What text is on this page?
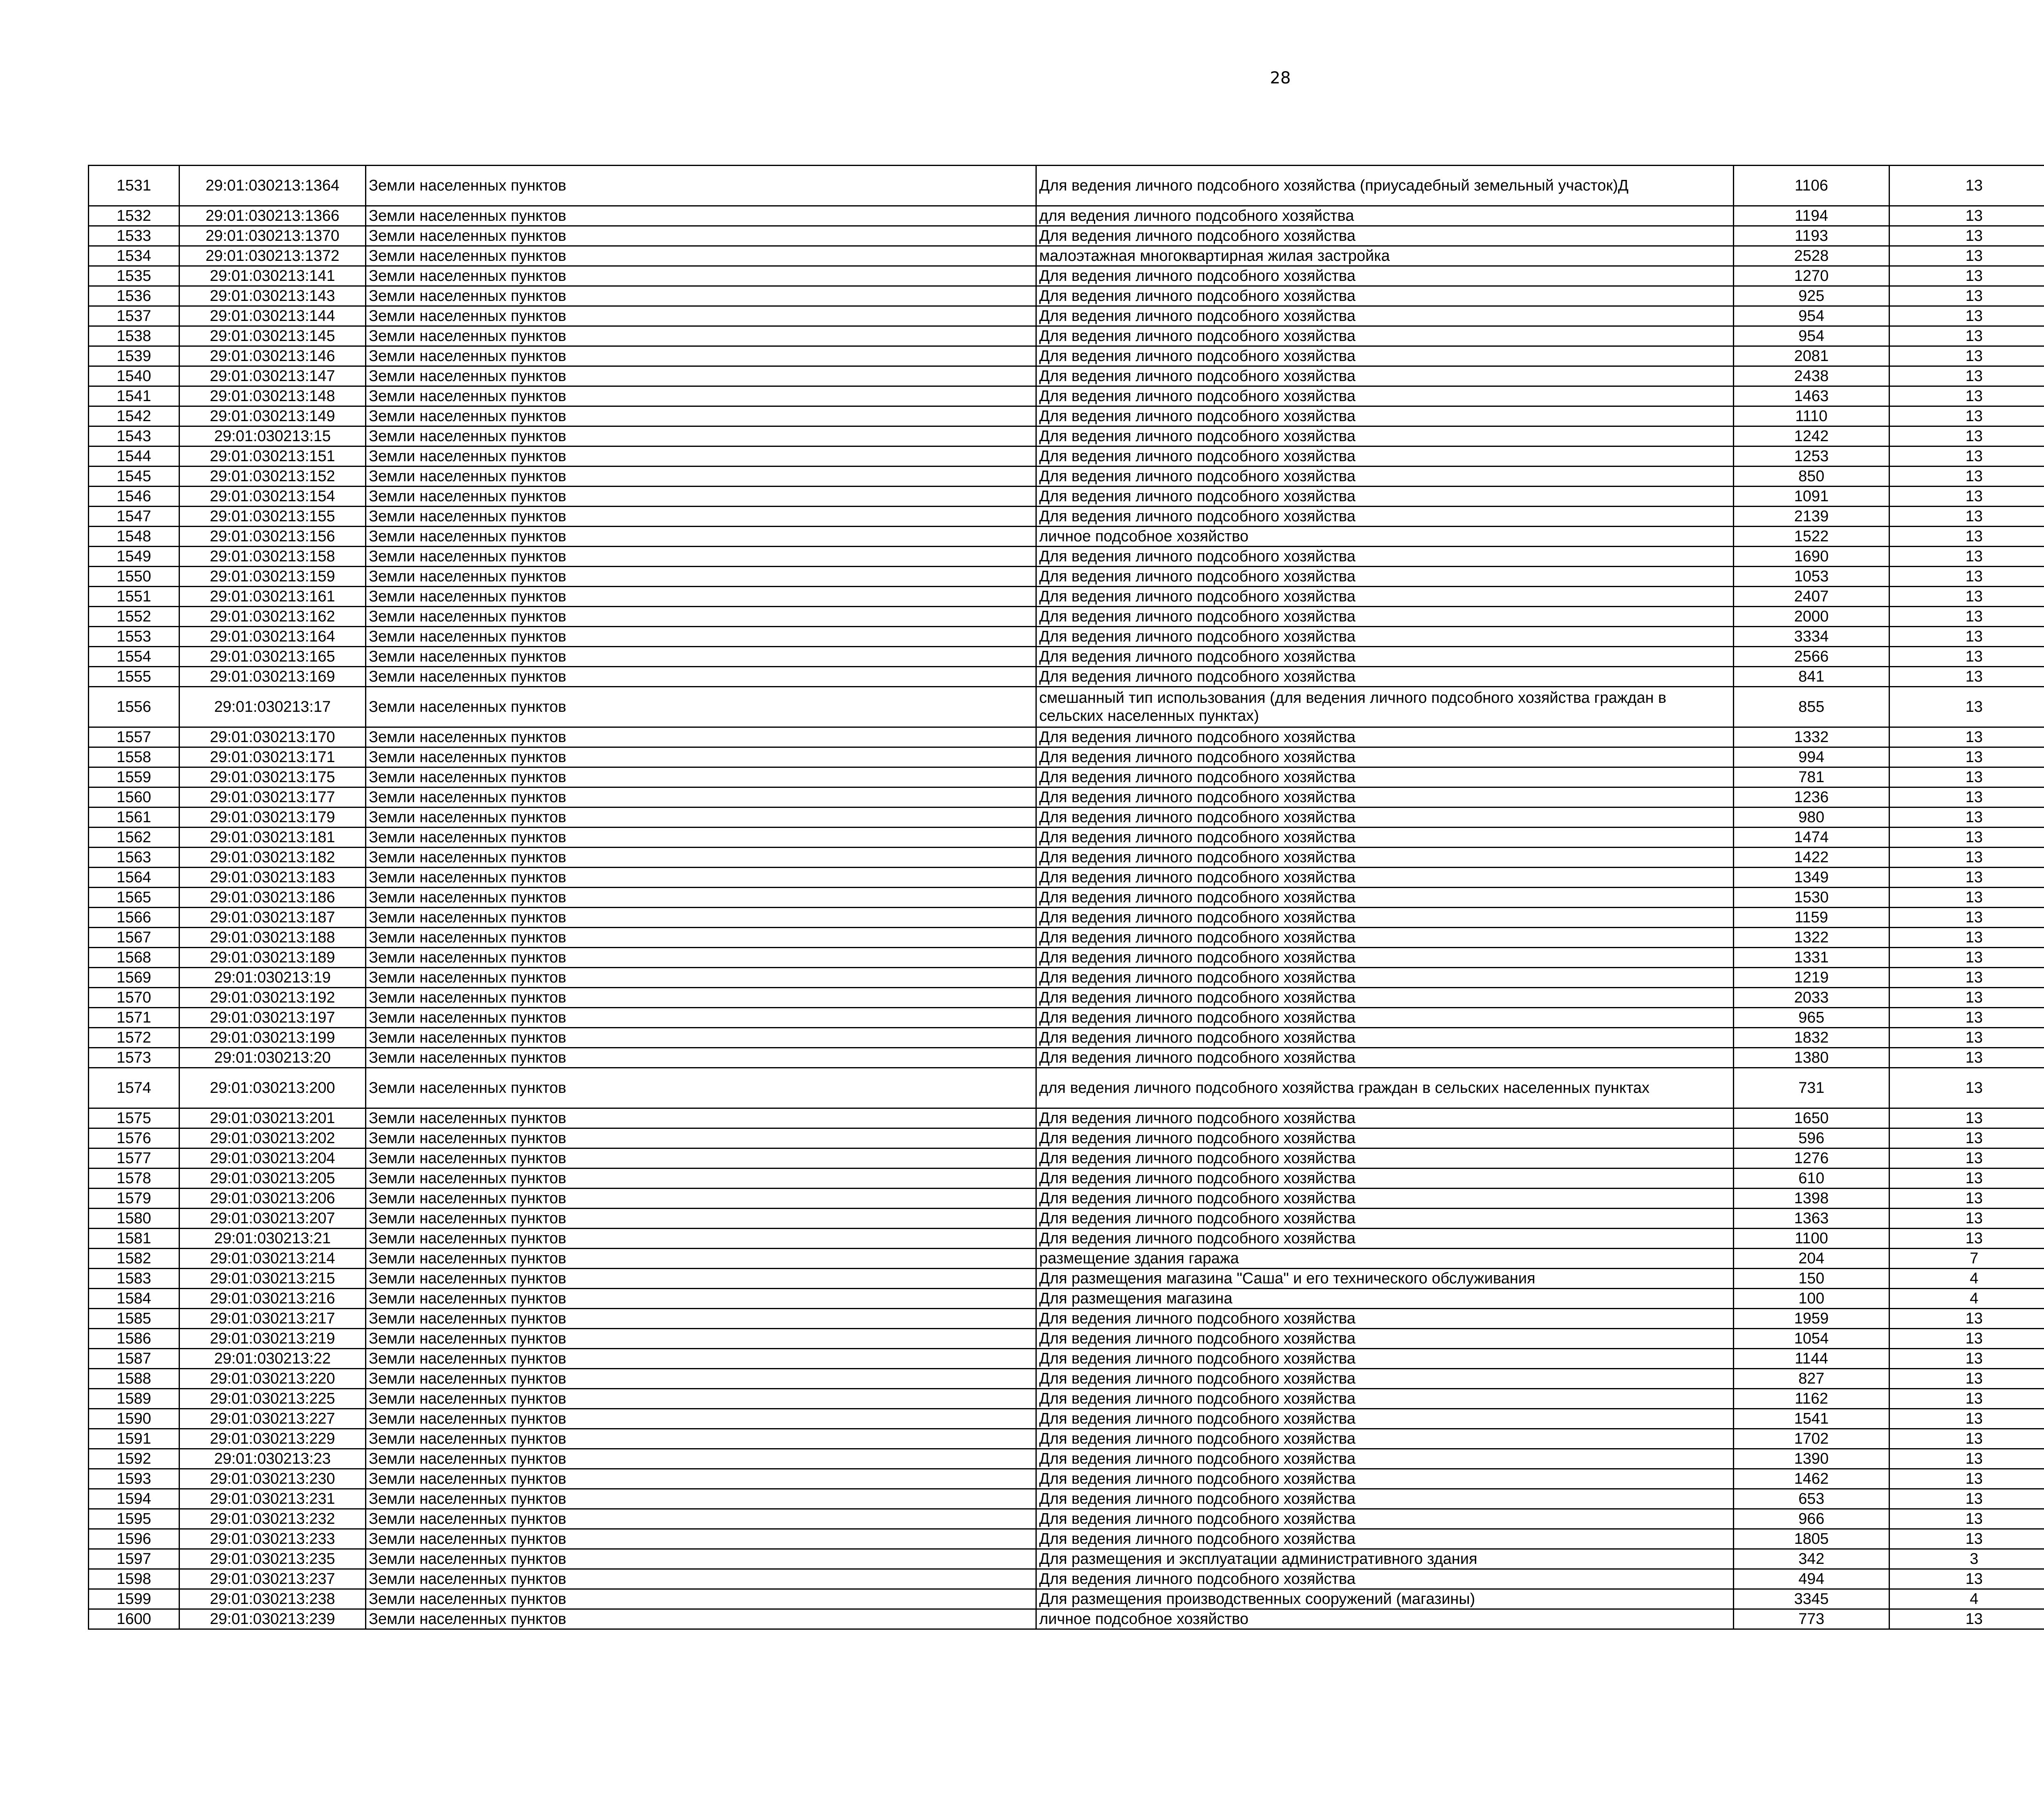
28
1531	29:01:030213:1364	Земли населенных пунктов	Для ведения личного подсобного хозяйства (приусадебный земельный участок)Д	1106	13		
1532	29:01:030213:1366	Земли населенных пунктов	для ведения личного подсобного хозяйства	1194	13		
1533	29:01:030213:1370	Земли населенных пунктов	Для ведения личного подсобного хозяйства	1193	13		
1534	29:01:030213:1372	Земли населенных пунктов	малоэтажная многоквартирная жилая застройка	2528	13		
1535	29:01:030213:141	Земли населенных пунктов	Для ведения личного подсобного хозяйства	1270	13		
1536	29:01:030213:143	Земли населенных пунктов	Для ведения личного подсобного хозяйства	925	13		
1537	29:01:030213:144	Земли населенных пунктов	Для ведения личного подсобного хозяйства	954	13		
1538	29:01:030213:145	Земли населенных пунктов	Для ведения личного подсобного хозяйства	954	13		
1539	29:01:030213:146	Земли населенных пунктов	Для ведения личного подсобного хозяйства	2081	13		
1540	29:01:030213:147	Земли населенных пунктов	Для ведения личного подсобного хозяйства	2438	13		
1541	29:01:030213:148	Земли населенных пунктов	Для ведения личного подсобного хозяйства	1463	13		
1542	29:01:030213:149	Земли населенных пунктов	Для ведения личного подсобного хозяйства	1110	13		
1543	29:01:030213:15	Земли населенных пунктов	Для ведения личного подсобного хозяйства	1242	13		
1544	29:01:030213:151	Земли населенных пунктов	Для ведения личного подсобного хозяйства	1253	13		
1545	29:01:030213:152	Земли населенных пунктов	Для ведения личного подсобного хозяйства	850	13		
1546	29:01:030213:154	Земли населенных пунктов	Для ведения личного подсобного хозяйства	1091	13		
1547	29:01:030213:155	Земли населенных пунктов	Для ведения личного подсобного хозяйства	2139	13		
1548	29:01:030213:156	Земли населенных пунктов	личное подсобное хозяйство	1522	13		
1549	29:01:030213:158	Земли населенных пунктов	Для ведения личного подсобного хозяйства	1690	13		
1550	29:01:030213:159	Земли населенных пунктов	Для ведения личного подсобного хозяйства	1053	13		
1551	29:01:030213:161	Земли населенных пунктов	Для ведения личного подсобного хозяйства	2407	13		
1552	29:01:030213:162	Земли населенных пунктов	Для ведения личного подсобного хозяйства	2000	13		
1553	29:01:030213:164	Земли населенных пунктов	Для ведения личного подсобного хозяйства	3334	13		
1554	29:01:030213:165	Земли населенных пунктов	Для ведения личного подсобного хозяйства	2566	13		
1555	29:01:030213:169	Земли населенных пунктов	Для ведения личного подсобного хозяйства	841	13		
1556	29:01:030213:17	Земли населенных пунктов	смешанный тип использования (для ведения личного подсобного хозяйства граждан в сельских населенных пунктах)	855	13		
1557	29:01:030213:170	Земли населенных пунктов	Для ведения личного подсобного хозяйства	1332	13		
1558	29:01:030213:171	Земли населенных пунктов	Для ведения личного подсобного хозяйства	994	13		
1559	29:01:030213:175	Земли населенных пунктов	Для ведения личного подсобного хозяйства	781	13		
1560	29:01:030213:177	Земли населенных пунктов	Для ведения личного подсобного хозяйства	1236	13		
1561	29:01:030213:179	Земли населенных пунктов	Для ведения личного подсобного хозяйства	980	13		
1562	29:01:030213:181	Земли населенных пунктов	Для ведения личного подсобного хозяйства	1474	13		
1563	29:01:030213:182	Земли населенных пунктов	Для ведения личного подсобного хозяйства	1422	13		
1564	29:01:030213:183	Земли населенных пунктов	Для ведения личного подсобного хозяйства	1349	13		
1565	29:01:030213:186	Земли населенных пунктов	Для ведения личного подсобного хозяйства	1530	13		
1566	29:01:030213:187	Земли населенных пунктов	Для ведения личного подсобного хозяйства	1159	13		
1567	29:01:030213:188	Земли населенных пунктов	Для ведения личного подсобного хозяйства	1322	13		
1568	29:01:030213:189	Земли населенных пунктов	Для ведения личного подсобного хозяйства	1331	13		
1569	29:01:030213:19	Земли населенных пунктов	Для ведения личного подсобного хозяйства	1219	13		
1570	29:01:030213:192	Земли населенных пунктов	Для ведения личного подсобного хозяйства	2033	13		
1571	29:01:030213:197	Земли населенных пунктов	Для ведения личного подсобного хозяйства	965	13		
1572	29:01:030213:199	Земли населенных пунктов	Для ведения личного подсобного хозяйства	1832	13		
1573	29:01:030213:20	Земли населенных пунктов	Для ведения личного подсобного хозяйства	1380	13		
1574	29:01:030213:200	Земли населенных пунктов	для ведения личного подсобного хозяйства граждан в сельских населенных пунктах	731	13		
1575	29:01:030213:201	Земли населенных пунктов	Для ведения личного подсобного хозяйства	1650	13		
1576	29:01:030213:202	Земли населенных пунктов	Для ведения личного подсобного хозяйства	596	13		
1577	29:01:030213:204	Земли населенных пунктов	Для ведения личного подсобного хозяйства	1276	13		
1578	29:01:030213:205	Земли населенных пунктов	Для ведения личного подсобного хозяйства	610	13		
1579	29:01:030213:206	Земли населенных пунктов	Для ведения личного подсобного хозяйства	1398	13		
1580	29:01:030213:207	Земли населенных пунктов	Для ведения личного подсобного хозяйства	1363	13		
1581	29:01:030213:21	Земли населенных пунктов	Для ведения личного подсобного хозяйства	1100	13		
1582	29:01:030213:214	Земли населенных пунктов	размещение здания гаража	204	7		
1583	29:01:030213:215	Земли населенных пунктов	Для размещения магазина "Саша" и его технического обслуживания	150	4		
1584	29:01:030213:216	Земли населенных пунктов	Для размещения магазина	100	4		
1585	29:01:030213:217	Земли населенных пунктов	Для ведения личного подсобного хозяйства	1959	13		
1586	29:01:030213:219	Земли населенных пунктов	Для ведения личного подсобного хозяйства	1054	13		
1587	29:01:030213:22	Земли населенных пунктов	Для ведения личного подсобного хозяйства	1144	13		
1588	29:01:030213:220	Земли населенных пунктов	Для ведения личного подсобного хозяйства	827	13		
1589	29:01:030213:225	Земли населенных пунктов	Для ведения личного подсобного хозяйства	1162	13		
1590	29:01:030213:227	Земли населенных пунктов	Для ведения личного подсобного хозяйства	1541	13		
1591	29:01:030213:229	Земли населенных пунктов	Для ведения личного подсобного хозяйства	1702	13		
1592	29:01:030213:23	Земли населенных пунктов	Для ведения личного подсобного хозяйства	1390	13		
1593	29:01:030213:230	Земли населенных пунктов	Для ведения личного подсобного хозяйства	1462	13		
1594	29:01:030213:231	Земли населенных пунктов	Для ведения личного подсобного хозяйства	653	13		
1595	29:01:030213:232	Земли населенных пунктов	Для ведения личного подсобного хозяйства	966	13		
1596	29:01:030213:233	Земли населенных пунктов	Для ведения личного подсобного хозяйства	1805	13		
1597	29:01:030213:235	Земли населенных пунктов	Для размещения и эксплуатации административного здания	342	3		
1598	29:01:030213:237	Земли населенных пунктов	Для ведения личного подсобного хозяйства	494	13		
1599	29:01:030213:238	Земли населенных пунктов	Для размещения производственных сооружений (магазины)	3345	4		
1600	29:01:030213:239	Земли населенных пунктов	личное подсобное хозяйство	773	13		
